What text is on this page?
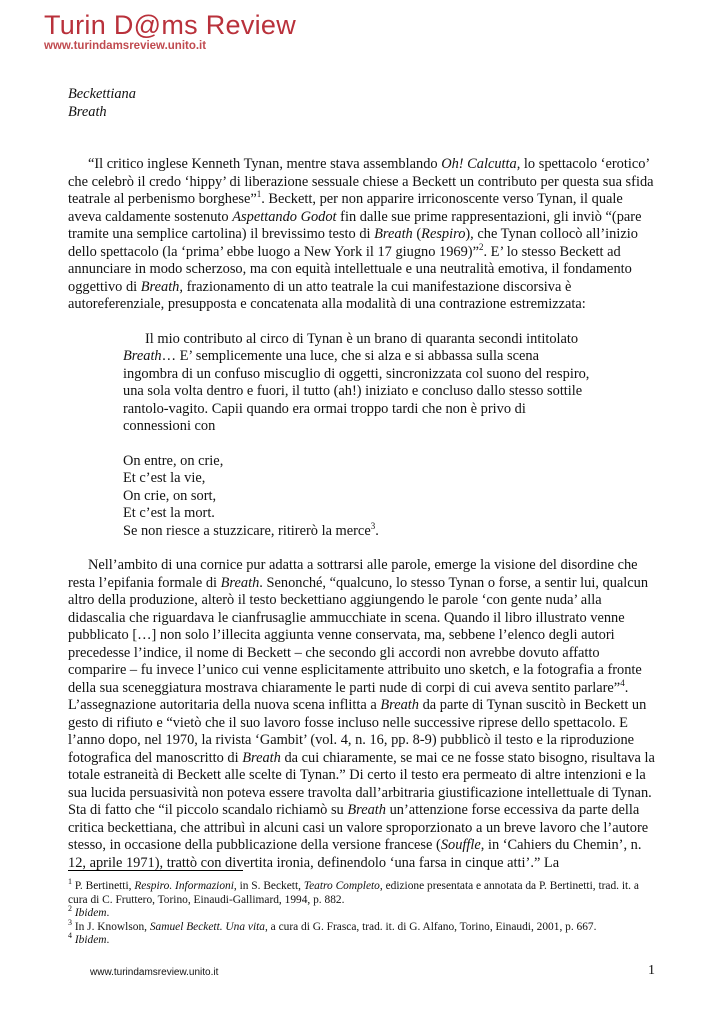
Turin D@ms Review
www.turindamsreview.unito.it

Beckettiana

Breath

“Il critico inglese Kenneth Tynan, mentre stava assemblando Oh! Calcutta, lo spettacolo ‘erotico’ che celebrò il credo ‘hippy’ di liberazione sessuale chiese a Beckett un contributo per questa sua sfida teatrale al perbenismo borghese”$^1$. Beckett, per non apparire irriconoscente verso Tynan, il quale aveva caldamente sostenuto Aspettando Godot fin dalle sue prime rappresentazioni, gli inviò “(pare tramite una semplice cartolina) il brevissimo testo di Breath (Respiro), che Tynan collocò all’inizio dello spettacolo (la ‘prima’ ebbe luogo a New York il 17 giugno 1969)”$^2$. E’ lo stesso Beckett ad annunciare in modo scherzoso, ma con equità intellettuale e una neutralità emotiva, il fondamento oggettivo di Breath, frazionamento di un atto teatrale la cui manifestazione discorsiva è autoreferenziale, presupposta e concatenata alla modalità di una contrazione estremizzata:

Il mio contributo al circo di Tynan è un brano di quaranta secondi intitolato Breath… E’ semplicemente una luce, che si alza e si abbassa sulla scena ingombra di un confuso miscuglio di oggetti, sincronizzata col suono del respiro, una sola volta dentro e fuori, il tutto (ah!) iniziato e concluso dallo stesso sottile rantolo-vagito. Capii quando era ormai troppo tardi che non è privo di connessioni con

On entre, on crie,
Et c’est la vie,
On crie, on sort,
Et c’est la mort.
Se non riesce a stuzzicare, ritirerò la merce$^3$.

Nell’ambito di una cornice pur adatta a sottrarsi alle parole, emerge la visione del disordine che resta l’epifania formale di Breath. Senonché, “qualcuno, lo stesso Tynan o forse, a sentir lui, qualcun altro della produzione, alterò il testo beckettiano aggiungendo le parole ‘con gente nuda’ alla didascalia che riguardava le cianfrusaglie ammucchiate in scena. Quando il libro illustrato venne pubblicato […] non solo l’illecita aggiunta venne conservata, ma, sebbene l’elenco degli autori precedesse l’indice, il nome di Beckett – che secondo gli accordi non avrebbe dovuto affatto comparire – fu invece l’unico cui venne esplicitamente attribuito uno sketch, e la fotografia a fronte della sua sceneggiatura mostrava chiaramente le parti nude di corpi di cui aveva sentito parlare”$^4$. L’assegnazione autoritaria della nuova scena inflitta a Breath da parte di Tynan suscitò in Beckett un gesto di rifiuto e “vietò che il suo lavoro fosse incluso nelle successive riprese dello spettacolo. E l’anno dopo, nel 1970, la rivista ‘Gambit’ (vol. 4, n. 16, pp. 8-9) pubblicò il testo e la riproduzione fotografica del manoscritto di Breath da cui chiaramente, se mai ce ne fosse stato bisogno, risultava la totale estraneità di Beckett alle scelte di Tynan.” Di certo il testo era permeato di altre intenzioni e la sua lucida persuasività non poteva essere travolta dall’arbitraria giustificazione intellettuale di Tynan. Sta di fatto che “il piccolo scandalo richiamò su Breath un’attenzione forse eccessiva da parte della critica beckettiana, che attribuì in alcuni casi un valore sproporzionato a un breve lavoro che l’autore stesso, in occasione della pubblicazione della versione francese (Souffle, in ‘Cahiers du Chemin’, n. 12, aprile 1971), trattò con divertita ironia, definendolo ‘una farsa in cinque atti’.” La

$^1$ P. Bertinetti, Respiro. Informazioni, in S. Beckett, Teatro Completo, edizione presentata e annotata da P. Bertinetti, trad. it. a cura di C. Fruttero, Torino, Einaudi-Gallimard, 1994, p. 882.
$^2$ Ibidem.
$^3$ In J. Knowlson, Samuel Beckett. Una vita, a cura di G. Frasca, trad. it. di G. Alfano, Torino, Einaudi, 2001, p. 667.
$^4$ Ibidem.
www.turindamsreview.unito.it	1
